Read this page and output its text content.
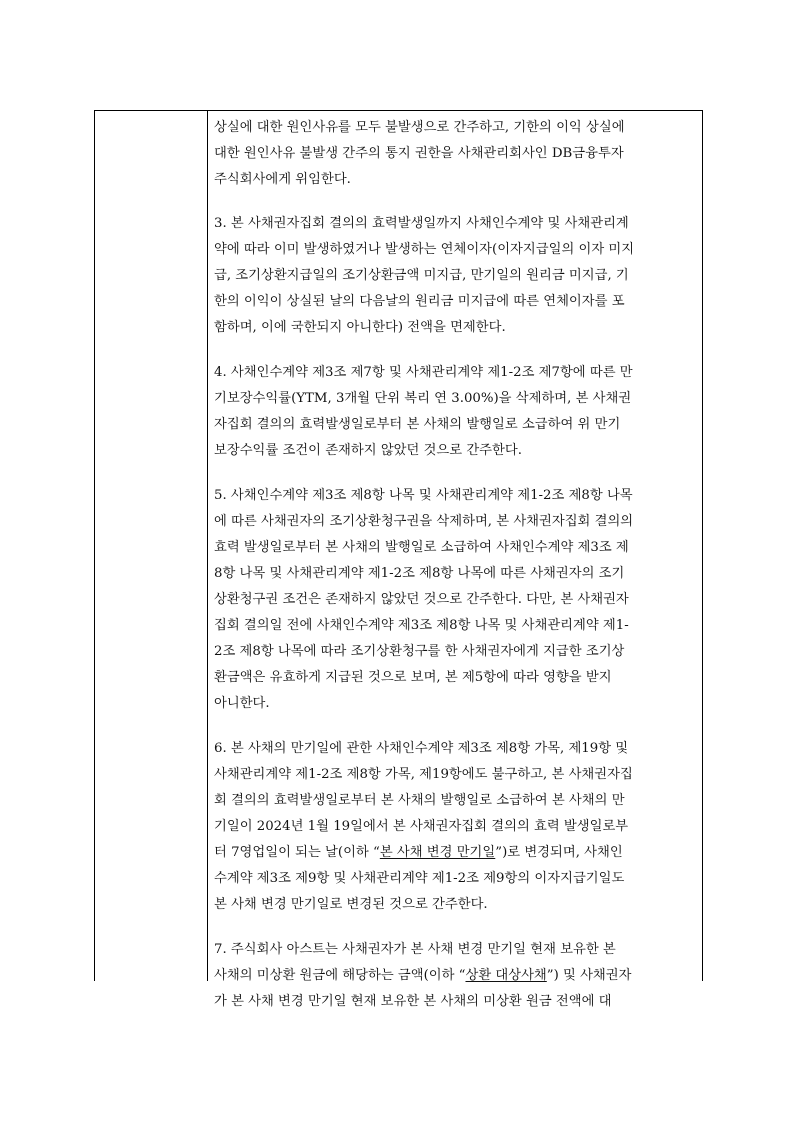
상실에 대한 원인사유를 모두 불발생으로 간주하고, 기한의 이익 상실에
대한 원인사유 불발생 간주의 통지 권한을 사채관리회사인 DB금융투자
주식회사에게 위임한다.
3. 본 사채권자집회 결의의 효력발생일까지 사채인수계약 및 사채관리계
약에 따라 이미 발생하였거나 발생하는 연체이자(이자지급일의 이자 미지
급, 조기상환지급일의 조기상환금액 미지급, 만기일의 원리금 미지급, 기
한의 이익이 상실된 날의 다음날의 원리금 미지급에 따른 연체이자를 포
함하며, 이에 국한되지 아니한다) 전액을 면제한다.
4. 사채인수계약 제3조 제7항 및 사채관리계약 제1-2조 제7항에 따른 만
기보장수익률(YTM, 3개월 단위 복리 연 3.00%)을 삭제하며, 본 사채권
자집회 결의의 효력발생일로부터 본 사채의 발행일로 소급하여 위 만기
보장수익률 조건이 존재하지 않았던 것으로 간주한다.
5. 사채인수계약 제3조 제8항 나목 및 사채관리계약 제1-2조 제8항 나목
에 따른 사채권자의 조기상환청구권을 삭제하며, 본 사채권자집회 결의의
효력 발생일로부터 본 사채의 발행일로 소급하여 사채인수계약 제3조 제
8항 나목 및 사채관리계약 제1-2조 제8항 나목에 따른 사채권자의 조기
상환청구권 조건은 존재하지 않았던 것으로 간주한다. 다만, 본 사채권자
집회 결의일 전에 사채인수계약 제3조 제8항 나목 및 사채관리계약 제1-
2조 제8항 나목에 따라 조기상환청구를 한 사채권자에게 지급한 조기상
환금액은 유효하게 지급된 것으로 보며, 본 제5항에 따라 영향을 받지
아니한다.
6. 본 사채의 만기일에 관한 사채인수계약 제3조 제8항 가목, 제19항 및
사채관리계약 제1-2조 제8항 가목, 제19항에도 불구하고, 본 사채권자집
회 결의의 효력발생일로부터 본 사채의 발행일로 소급하여 본 사채의 만
기일이 2024년 1월 19일에서 본 사채권자집회 결의의 효력 발생일로부
터 7영업일이 되는 날(이하 “본 사채 변경 만기일”)로 변경되며, 사채인
수계약 제3조 제9항 및 사채관리계약 제1-2조 제9항의 이자지급기일도
본 사채 변경 만기일로 변경된 것으로 간주한다.
7. 주식회사 아스트는 사채권자가 본 사채 변경 만기일 현재 보유한 본
사채의 미상환 원금에 해당하는 금액(이하 “상환 대상사채”) 및 사채권자
가 본 사채 변경 만기일 현재 보유한 본 사채의 미상환 원금 전액에 대
